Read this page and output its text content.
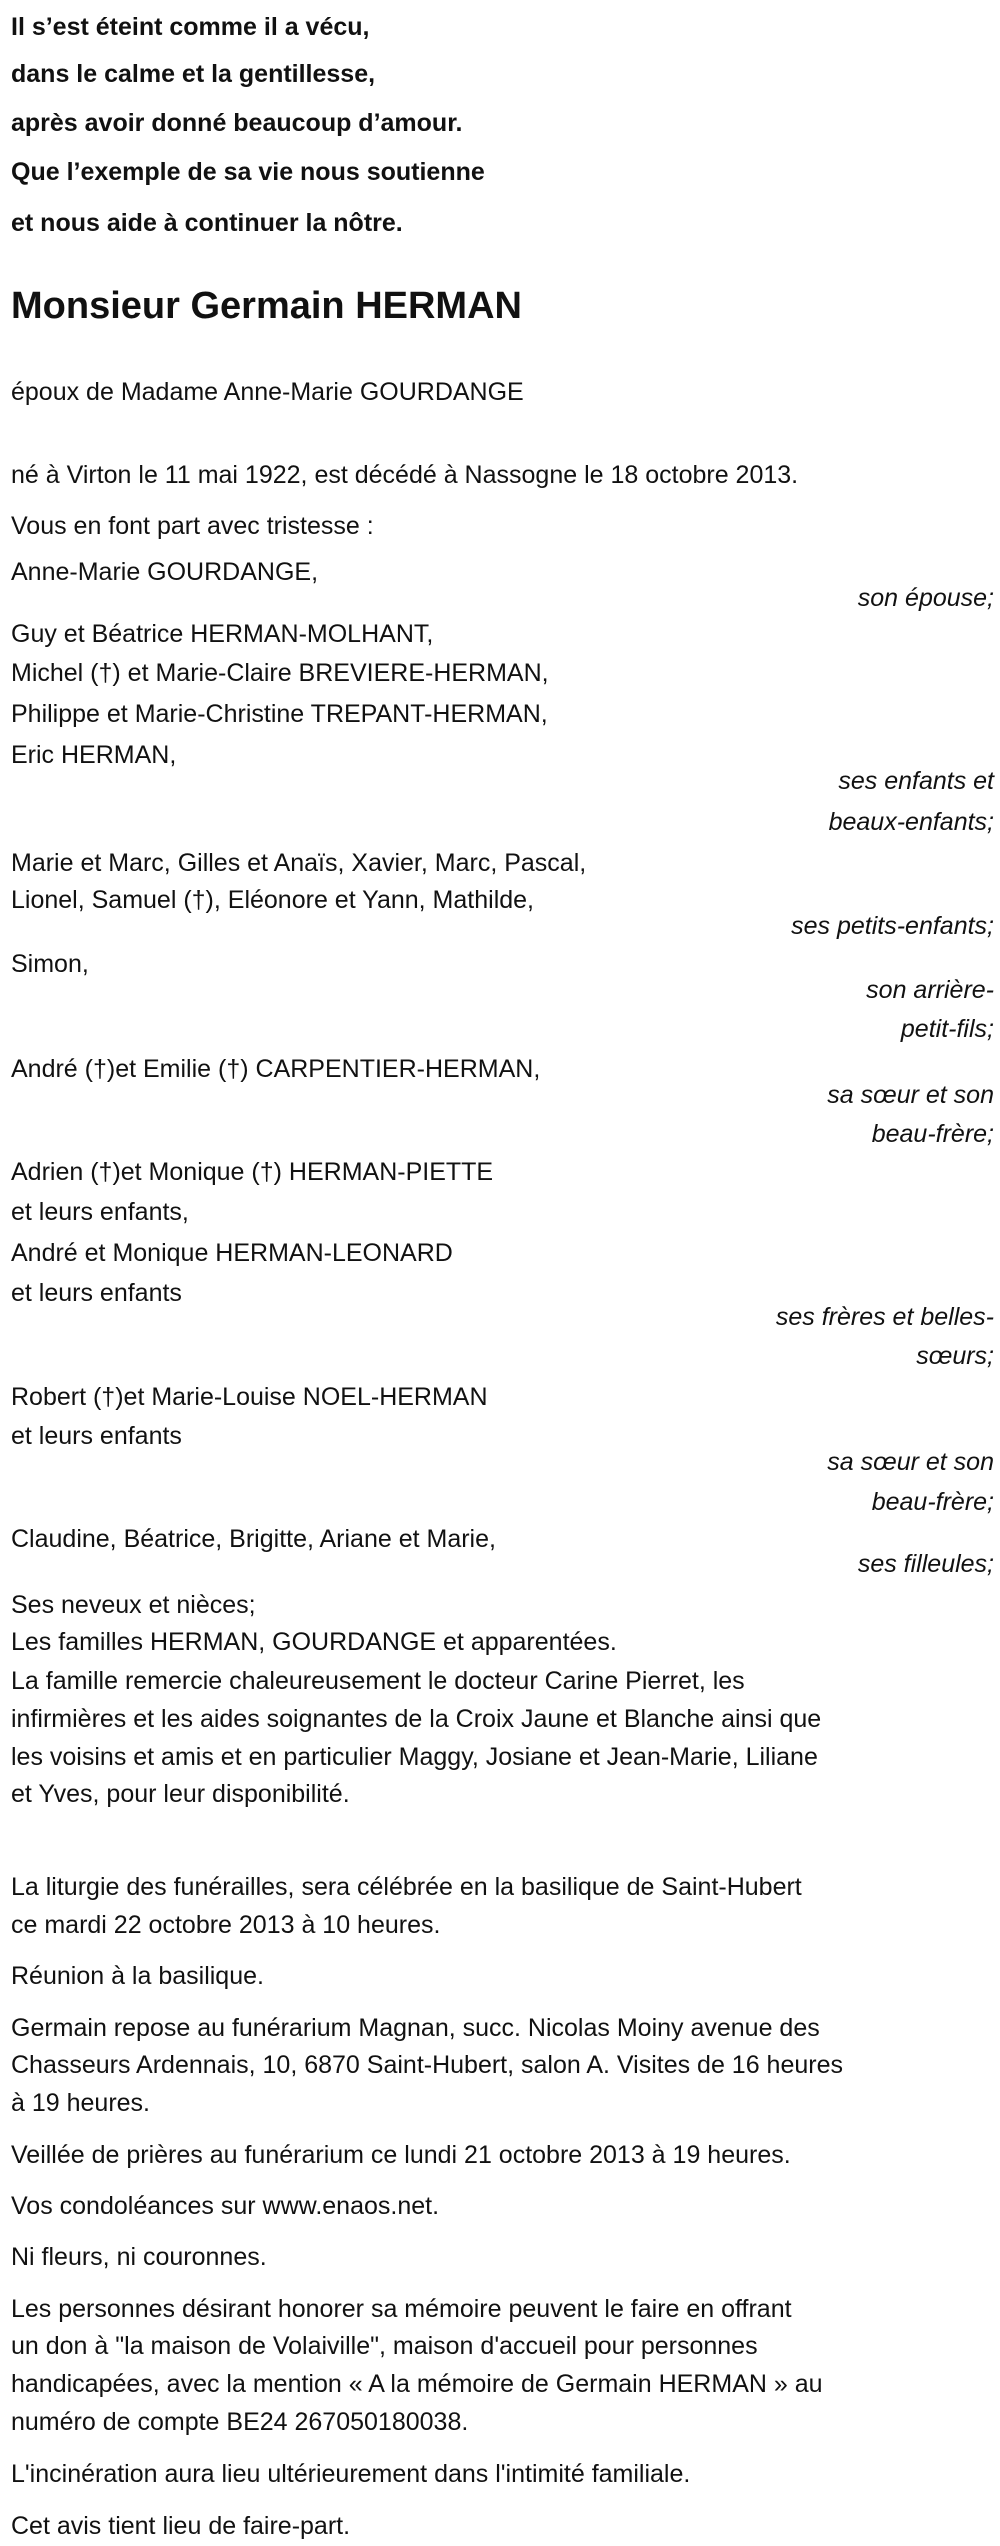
Il s’est éteint comme il a vécu,
dans le calme et la gentillesse,
après avoir donné beaucoup d’amour.
Que l’exemple de sa vie nous soutienne
et nous aide à continuer la nôtre.
Monsieur Germain HERMAN
époux de Madame Anne-Marie GOURDANGE
né à Virton le 11 mai 1922, est décédé à Nassogne le 18 octobre 2013.
Vous en font part avec tristesse :
Anne-Marie GOURDANGE,
son épouse;
Guy et Béatrice HERMAN-MOLHANT,
Michel (†) et Marie-Claire BREVIERE-HERMAN,
Philippe et Marie-Christine TREPANT-HERMAN,
Eric HERMAN,
ses enfants et
beaux-enfants;
Marie et Marc, Gilles et Anaïs, Xavier, Marc, Pascal,
Lionel, Samuel (†), Eléonore et Yann, Mathilde,
ses petits-enfants;
Simon,
son arrière-
petit-fils;
André (†)et Emilie (†) CARPENTIER-HERMAN,
sa sœur et son
beau-frère;
Adrien (†)et Monique (†) HERMAN-PIETTE
et leurs enfants,
André et Monique HERMAN-LEONARD
et leurs enfants
ses frères et belles-
sœurs;
Robert (†)et Marie-Louise NOEL-HERMAN
et leurs enfants
sa sœur et son
beau-frère;
Claudine, Béatrice, Brigitte, Ariane et Marie,
ses filleules;
Ses neveux et nièces;
Les familles HERMAN, GOURDANGE et apparentées.
La famille remercie chaleureusement le docteur Carine Pierret, les
infirmières et les aides soignantes de la Croix Jaune et Blanche ainsi que
les voisins et amis et en particulier Maggy, Josiane et Jean-Marie, Liliane
et Yves, pour leur disponibilité.
La liturgie des funérailles, sera célébrée en la basilique de Saint-Hubert
ce mardi 22 octobre 2013 à 10 heures.
Réunion à la basilique.
Germain repose au funérarium Magnan, succ. Nicolas Moiny avenue des
Chasseurs Ardennais, 10, 6870 Saint-Hubert, salon A. Visites de 16 heures
à 19 heures.
Veillée de prières au funérarium ce lundi 21 octobre 2013 à 19 heures.
Vos condoléances sur www.enaos.net.
Ni fleurs, ni couronnes.
Les personnes désirant honorer sa mémoire peuvent le faire en offrant
un don à "la maison de Volaiville", maison d'accueil pour personnes
handicapées, avec la mention « A la mémoire de Germain HERMAN » au
numéro de compte BE24 267050180038.
L'incinération aura lieu ultérieurement dans l'intimité familiale.
Cet avis tient lieu de faire-part.
